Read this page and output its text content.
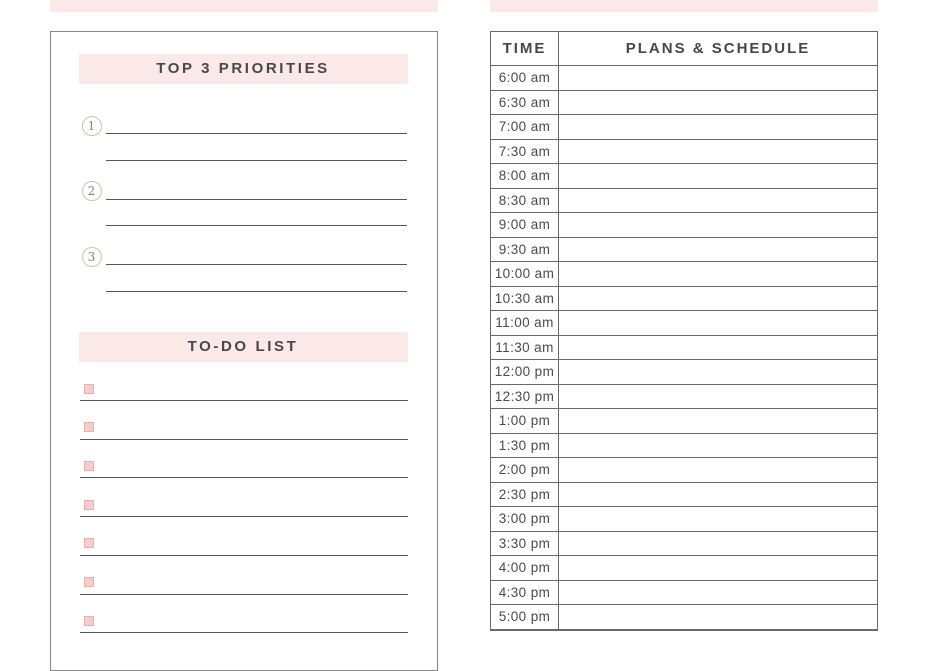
TOP 3 PRIORITIES
1
2
3
TO-DO LIST
TIME	PLANS & SCHEDULE
6:00 am
6:30 am
7:00 am
7:30 am
8:00 am
8:30 am
9:00 am
9:30 am
10:00 am
10:30 am
11:00 am
11:30 am
12:00 pm
12:30 pm
1:00 pm
1:30 pm
2:00 pm
2:30 pm
3:00 pm
3:30 pm
4:00 pm
4:30 pm
5:00 pm
